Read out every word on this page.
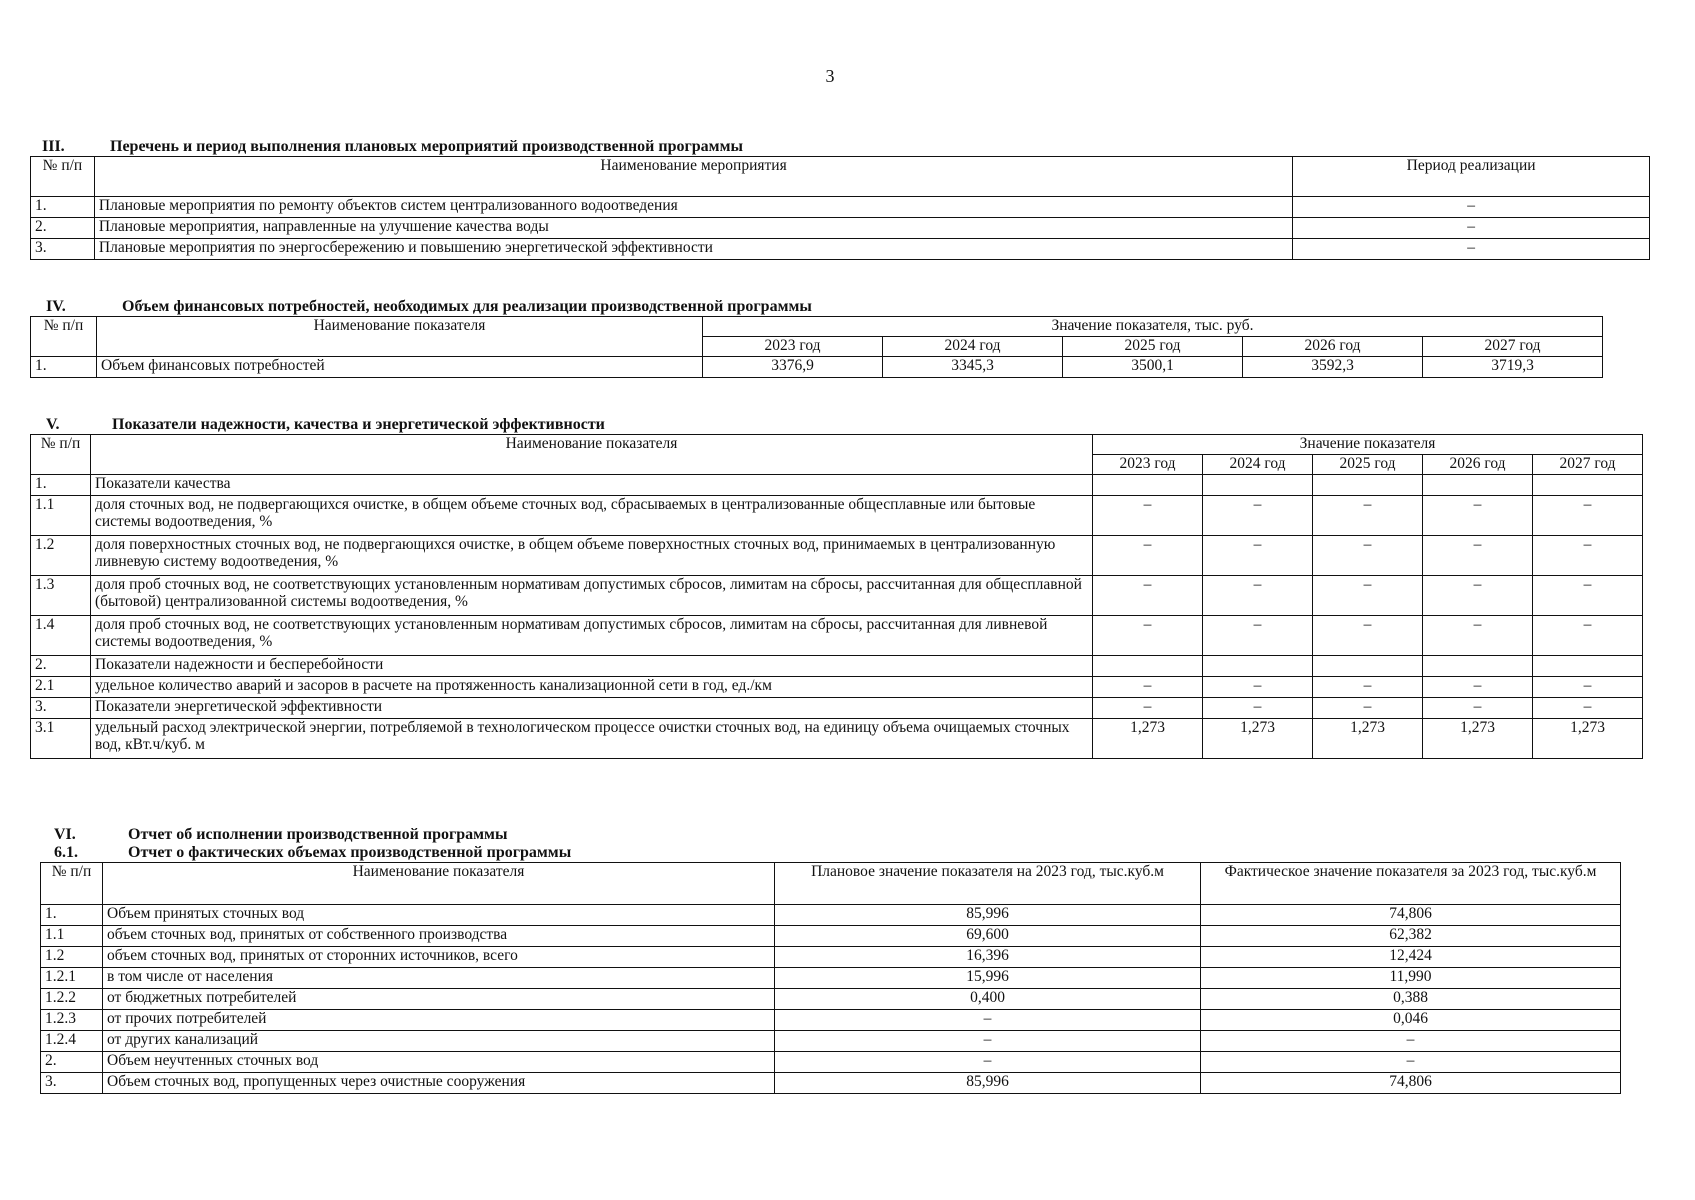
3
III.	Перечень и период выполнения плановых мероприятий производственной программы
№ п/п	Наименование мероприятия	Период реализации
1.	Плановые мероприятия по ремонту объектов систем централизованного водоотведения	–
2.	Плановые мероприятия, направленные на улучшение качества воды	–
3.	Плановые мероприятия по энергосбережению и повышению энергетической эффективности	–
IV.	Объем финансовых потребностей, необходимых для реализации производственной программы
№ п/п	Наименование показателя	Значение показателя, тыс. руб.				
		2023 год	2024 год	2025 год	2026 год	2027 год
1.	Объем финансовых потребностей	3376,9	3345,3	3500,1	3592,3	3719,3
V.	Показатели надежности, качества и энергетической эффективности
№ п/п	Наименование показателя	Значение показателя				
		2023 год	2024 год	2025 год	2026 год	2027 год
1.	Показатели качества					
1.1	доля сточных вод, не подвергающихся очистке, в общем объеме сточных вод, сбрасываемых в централизованные общесплавные или бытовые системы водоотведения, %	–	–	–	–	–
1.2	доля поверхностных сточных вод, не подвергающихся очистке, в общем объеме поверхностных сточных вод, принимаемых в централизованную ливневую систему водоотведения, %	–	–	–	–	–
1.3	доля проб сточных вод, не соответствующих установленным нормативам допустимых сбросов, лимитам на сбросы, рассчитанная для общесплавной (бытовой) централизованной системы водоотведения, %	–	–	–	–	–
1.4	доля проб сточных вод, не соответствующих установленным нормативам допустимых сбросов, лимитам на сбросы, рассчитанная для ливневой системы водоотведения, %	–	–	–	–	–
2.	Показатели надежности и бесперебойности					
2.1	удельное количество аварий и засоров в расчете на протяженность канализационной сети в год, ед./км	–	–	–	–	–
3.	Показатели энергетической эффективности	–	–	–	–	–
3.1	удельный расход электрической энергии, потребляемой в технологическом процессе очистки сточных вод, на единицу объема очищаемых сточных вод, кВт.ч/куб. м	1,273	1,273	1,273	1,273	1,273
VI.	Отчет об исполнении производственной программы
6.1.	Отчет о фактических объемах производственной программы
№ п/п	Наименование показателя	Плановое значение показателя на 2023 год, тыс.куб.м	Фактическое значение показателя за 2023 год, тыс.куб.м
1.	Объем принятых сточных вод	85,996	74,806
1.1	объем сточных вод, принятых от собственного производства	69,600	62,382
1.2	объем сточных вод, принятых от сторонних источников, всего	16,396	12,424
1.2.1	в том числе от населения	15,996	11,990
1.2.2	от бюджетных потребителей	0,400	0,388
1.2.3	от прочих потребителей	–	0,046
1.2.4	от других канализаций	–	–
2.	Объем неучтенных сточных вод	–	–
3.	Объем сточных вод, пропущенных через очистные сооружения	85,996	74,806
